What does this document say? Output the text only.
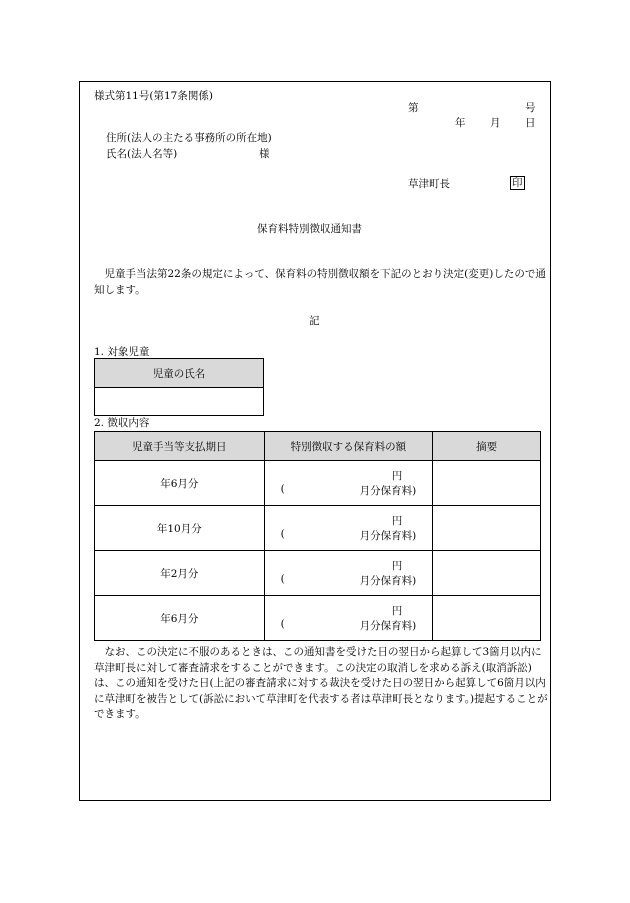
様式第11号(第17条関係)
第	号
年 月 日
住所(法人の主たる事務所の所在地)
氏名(法人名等)	様
草津町長	印
保育料特別徴収通知書
児童手当法第22条の規定によって、保育料の特別徴収額を下記のとおり決定(変更)したので通知します。
記
1. 対象児童
児童の氏名

2. 徴収内容
児童手当等支払期日	特別徴収する保育料の額	摘要
年6月分	円
( 月分保育料)	

年10月分	円
( 月分保育料)	

年2月分	円
( 月分保育料)	

年6月分	円
( 月分保育料)	

なお、この決定に不服のあるときは、この通知書を受けた日の翌日から起算して3箇月以内に草津町長に対して審査請求をすることができます。この決定の取消しを求める訴え(取消訴訟)は、この通知を受けた日(上記の審査請求に対する裁決を受けた日の翌日から起算して6箇月以内に草津町を被告として(訴訟において草津町を代表する者は草津町長となります。)提起することができます。
